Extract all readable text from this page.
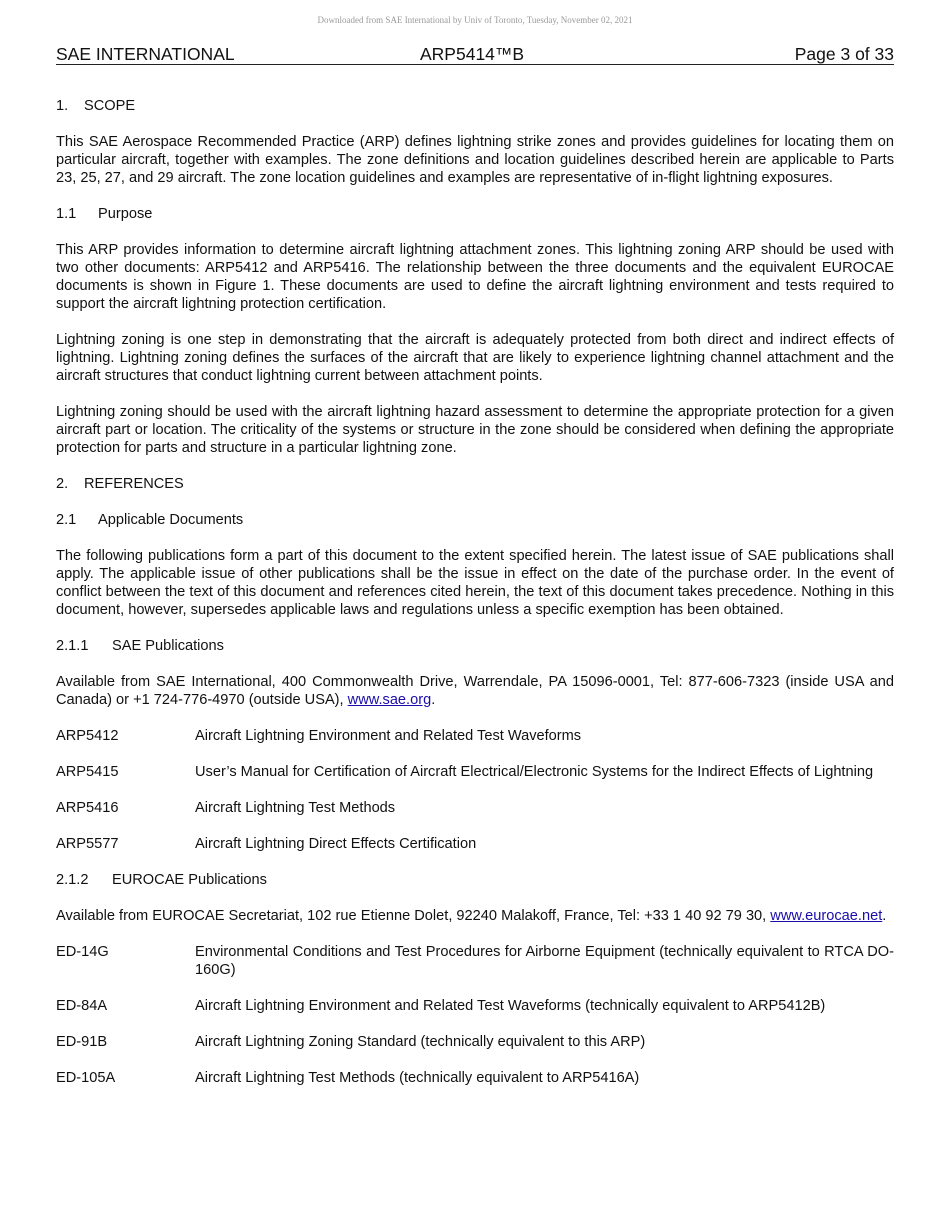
Downloaded from SAE International by Univ of Toronto, Tuesday, November 02, 2021
SAE INTERNATIONAL	ARP5414™B	Page 3 of 33
1. SCOPE

This SAE Aerospace Recommended Practice (ARP) defines lightning strike zones and provides guidelines for locating them on particular aircraft, together with examples. The zone definitions and location guidelines described herein are applicable to Parts 23, 25, 27, and 29 aircraft. The zone location guidelines and examples are representative of in-flight lightning exposures.

1.1 Purpose

This ARP provides information to determine aircraft lightning attachment zones. This lightning zoning ARP should be used with two other documents: ARP5412 and ARP5416. The relationship between the three documents and the equivalent EUROCAE documents is shown in Figure 1. These documents are used to define the aircraft lightning environment and tests required to support the aircraft lightning protection certification.

Lightning zoning is one step in demonstrating that the aircraft is adequately protected from both direct and indirect effects of lightning. Lightning zoning defines the surfaces of the aircraft that are likely to experience lightning channel attachment and the aircraft structures that conduct lightning current between attachment points.

Lightning zoning should be used with the aircraft lightning hazard assessment to determine the appropriate protection for a given aircraft part or location. The criticality of the systems or structure in the zone should be considered when defining the appropriate protection for parts and structure in a particular lightning zone.

2. REFERENCES
2.1 Applicable Documents

The following publications form a part of this document to the extent specified herein. The latest issue of SAE publications shall apply. The applicable issue of other publications shall be the issue in effect on the date of the purchase order. In the event of conflict between the text of this document and references cited herein, the text of this document takes precedence. Nothing in this document, however, supersedes applicable laws and regulations unless a specific exemption has been obtained.

2.1.1 SAE Publications

Available from SAE International, 400 Commonwealth Drive, Warrendale, PA 15096-0001, Tel: 877-606-7323 (inside USA and Canada) or +1 724-776-4970 (outside USA), www.sae.org.

ARP5412	Aircraft Lightning Environment and Related Test Waveforms
ARP5415	User’s Manual for Certification of Aircraft Electrical/Electronic Systems for the Indirect Effects of Lightning
ARP5416	Aircraft Lightning Test Methods
ARP5577	Aircraft Lightning Direct Effects Certification
2.1.2 EUROCAE Publications

Available from EUROCAE Secretariat, 102 rue Etienne Dolet, 92240 Malakoff, France, Tel: +33 1 40 92 79 30, www.eurocae.net.

ED-14G	Environmental Conditions and Test Procedures for Airborne Equipment (technically equivalent to RTCA DO-160G)
ED-84A	Aircraft Lightning Environment and Related Test Waveforms (technically equivalent to ARP5412B)
ED-91B	Aircraft Lightning Zoning Standard (technically equivalent to this ARP)
ED-105A	Aircraft Lightning Test Methods (technically equivalent to ARP5416A)
